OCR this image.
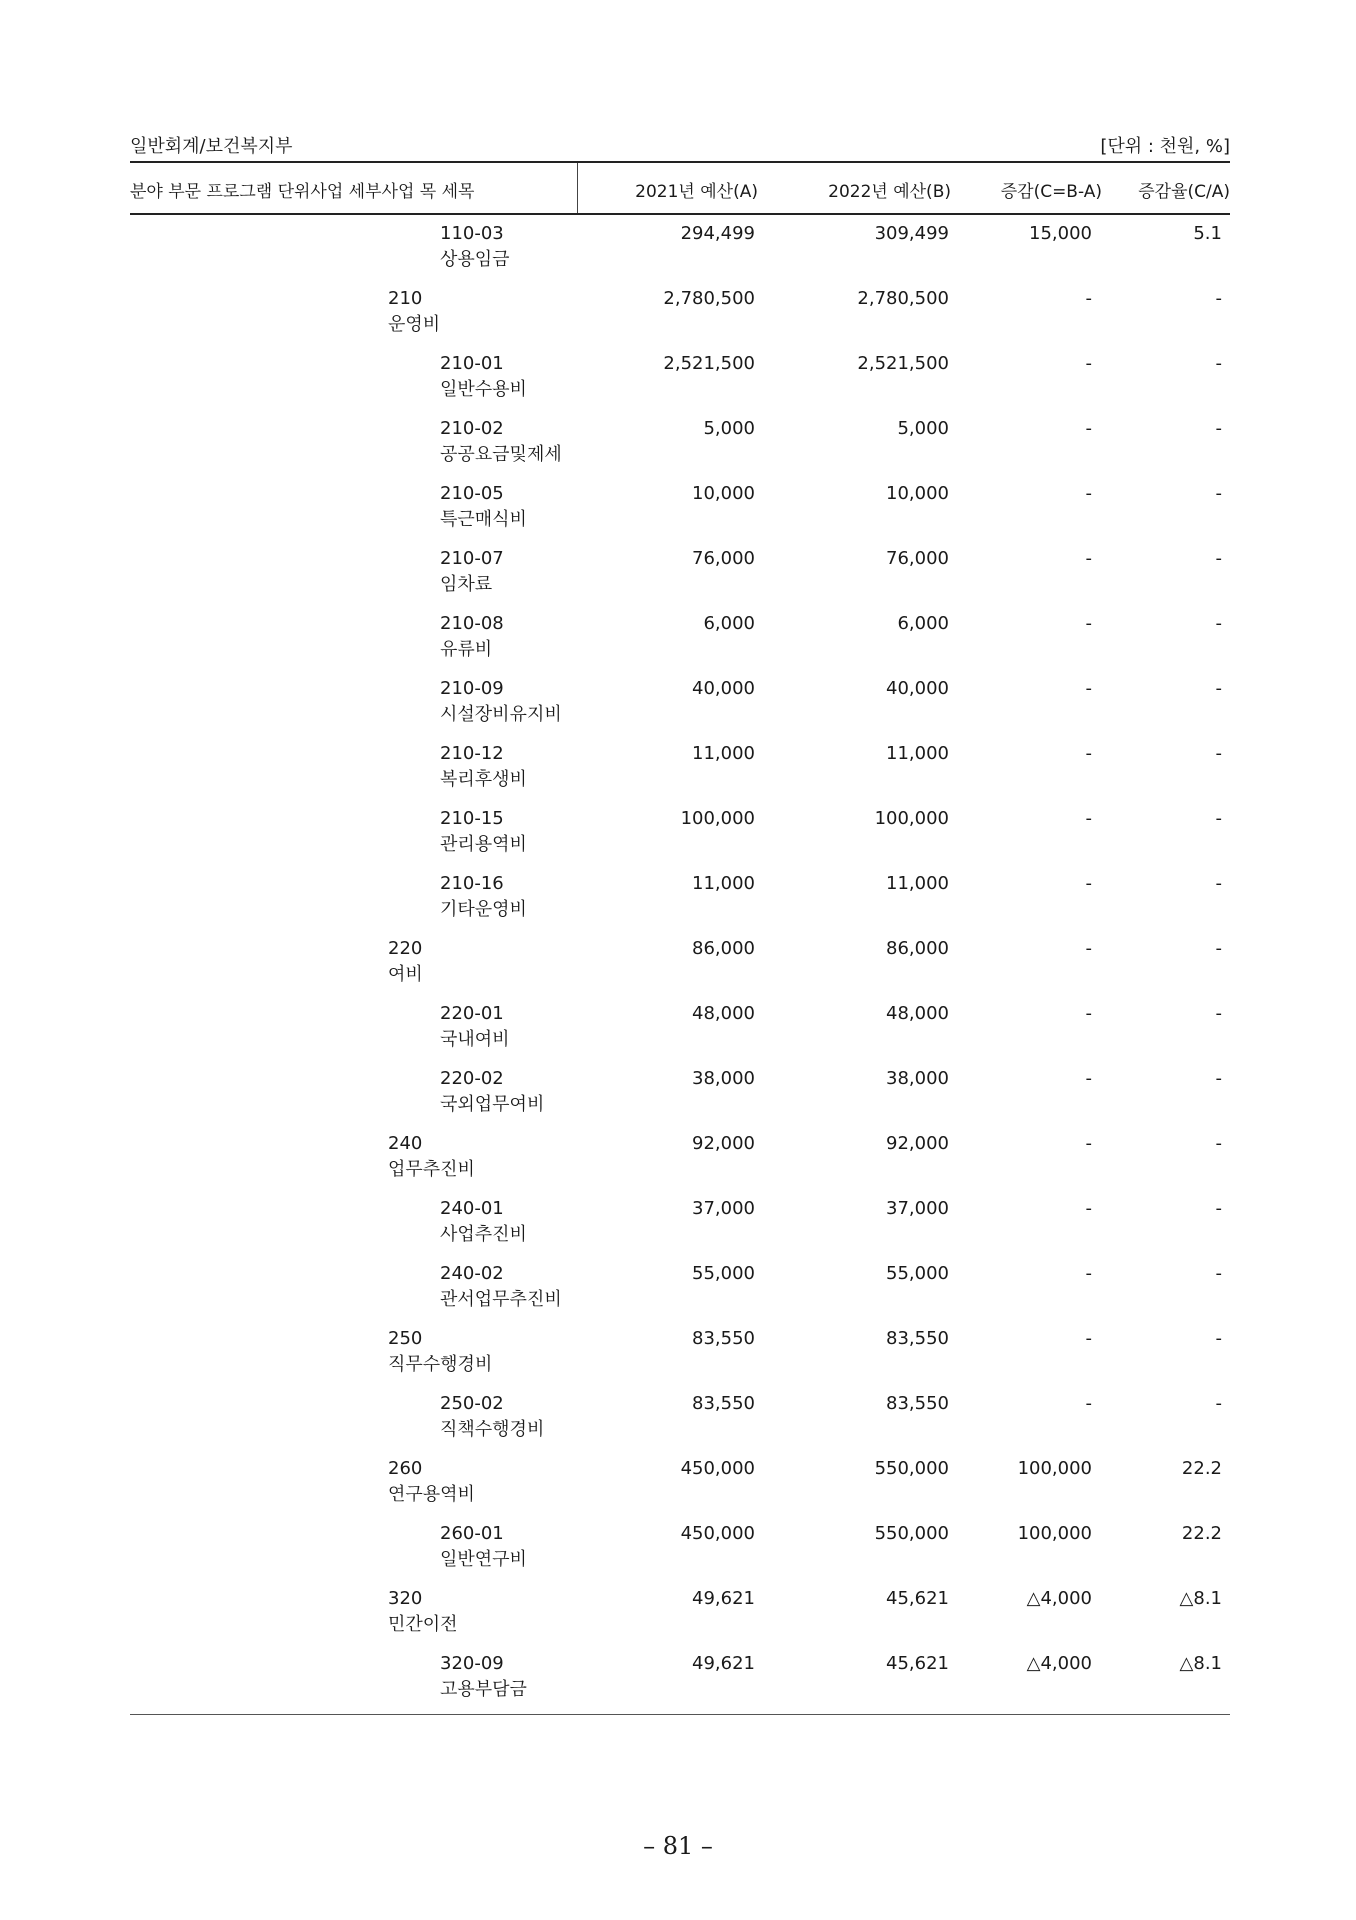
일반회계/보건복지부	[단위 : 천원, %]
분야 부문 프로그램 단위사업 세부사업 목 세목	2021년 예산(A)	2022년 예산(B)	증감(C=B-A) 증감율(C/A)
110-03
상용임금
294,499	309,499	15,000	5.1
210
운영비
2,780,500	2,780,500	-	-
210-01
일반수용비
2,521,500	2,521,500	-	-
210-02
공공요금및제세
5,000	5,000	-	-
210-05
특근매식비
10,000	10,000	-	-
210-07
임차료
76,000	76,000	-	-
210-08
유류비
6,000	6,000	-	-
210-09
시설장비유지비
40,000	40,000	-	-
210-12
복리후생비
11,000	11,000	-	-
210-15
관리용역비
100,000	100,000	-	-
210-16
기타운영비
11,000	11,000	-	-
220
여비
86,000	86,000	-	-
220-01
국내여비
48,000	48,000	-	-
220-02
국외업무여비
38,000	38,000	-	-
240
업무추진비
92,000	92,000	-	-
240-01
사업추진비
37,000	37,000	-	-
240-02
관서업무추진비
55,000	55,000	-	-
250
직무수행경비
83,550	83,550	-	-
250-02
직책수행경비
83,550	83,550	-	-
260
연구용역비
450,000	550,000	100,000	22.2
260-01
일반연구비
450,000	550,000	100,000	22.2
320
민간이전
49,621	45,621	△4,000	△8.1
320-09
고용부담금
49,621	45,621	△4,000	△8.1
– 81 –
